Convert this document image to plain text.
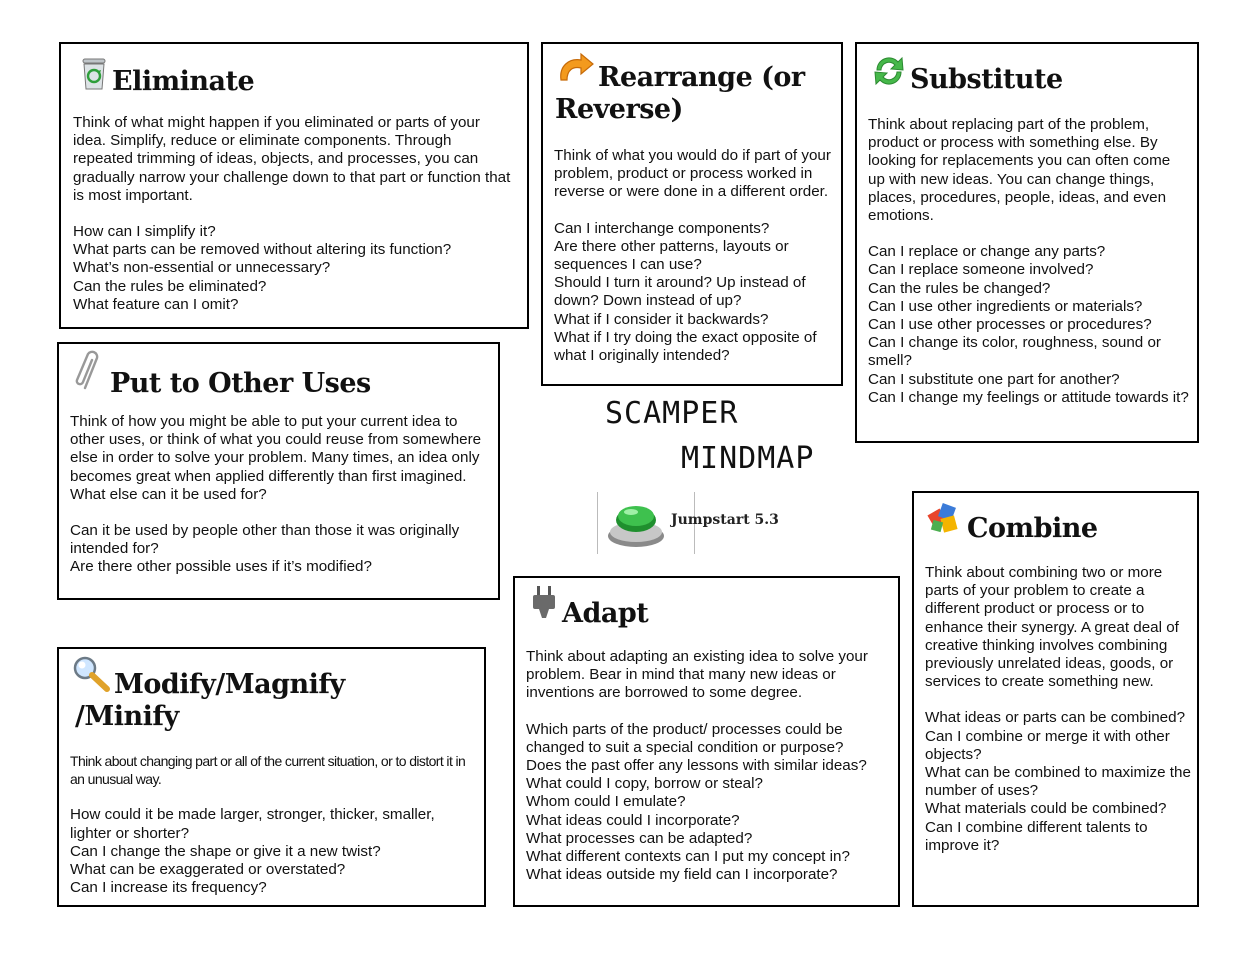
Eliminate

Think of what might happen if you eliminated or parts of your idea. Simplify, reduce or eliminate components. Through repeated trimming of ideas, objects, and processes, you can gradually narrow your challenge down to that part or function that is most important.

How can I simplify it?

What parts can be removed without altering its function?

What’s non-essential or unnecessary?

Can the rules be eliminated?

What feature can I omit?

Rearrange (or
Reverse)

Think of what you would do if part of your problem, product or process worked in reverse or were done in a different order.

Can I interchange components?

Are there other patterns, layouts or sequences I can use?

Should I turn it around? Up instead of down? Down instead of up?

What if I consider it backwards?

What if I try doing the exact opposite of what I originally intended?

Substitute

Think about replacing part of the problem, product or process with something else. By looking for replacements you can often come up with new ideas. You can change things, places, procedures, people, ideas, and even emotions.

Can I replace or change any parts?

Can I replace someone involved?

Can the rules be changed?

Can I use other ingredients or materials?

Can I use other processes or procedures?

Can I change its color, roughness, sound or smell?

Can I substitute one part for another?

Can I change my feelings or attitude towards it?

Put to Other Uses

Think of how you might be able to put your current idea to other uses, or think of what you could reuse from somewhere else in order to solve your problem. Many times, an idea only becomes great when applied differently than first imagined.

What else can it be used for?

Can it be used by people other than those it was originally intended for?

Are there other possible uses if it’s modified?

SCAMPER
MINDMAP
Jumpstart 5.3	Combine

Think about combining two or more parts of your problem to create a different product or process or to enhance their synergy. A great deal of creative thinking involves combining previously unrelated ideas, goods, or services to create something new.

What ideas or parts can be combined?

Can I combine or merge it with other objects?

What can be combined to maximize the number of uses?

What materials could be combined?

Can I combine different talents to improve it?

Adapt

Think about adapting an existing idea to solve your problem. Bear in mind that many new ideas or inventions are borrowed to some degree.

Which parts of the product/ processes could be changed to suit a special condition or purpose?

Does the past offer any lessons with similar ideas?

What could I copy, borrow or steal?

Whom could I emulate?

What ideas could I incorporate?

What processes can be adapted?

What different contexts can I put my concept in?

What ideas outside my field can I incorporate?

Modify/Magnify
/Minify

Think about changing part or all of the current situation, or to distort it in an unusual way.

How could it be made larger, stronger, thicker, smaller, lighter or shorter?

Can I change the shape or give it a new twist?

What can be exaggerated or overstated?

Can I increase its frequency?
